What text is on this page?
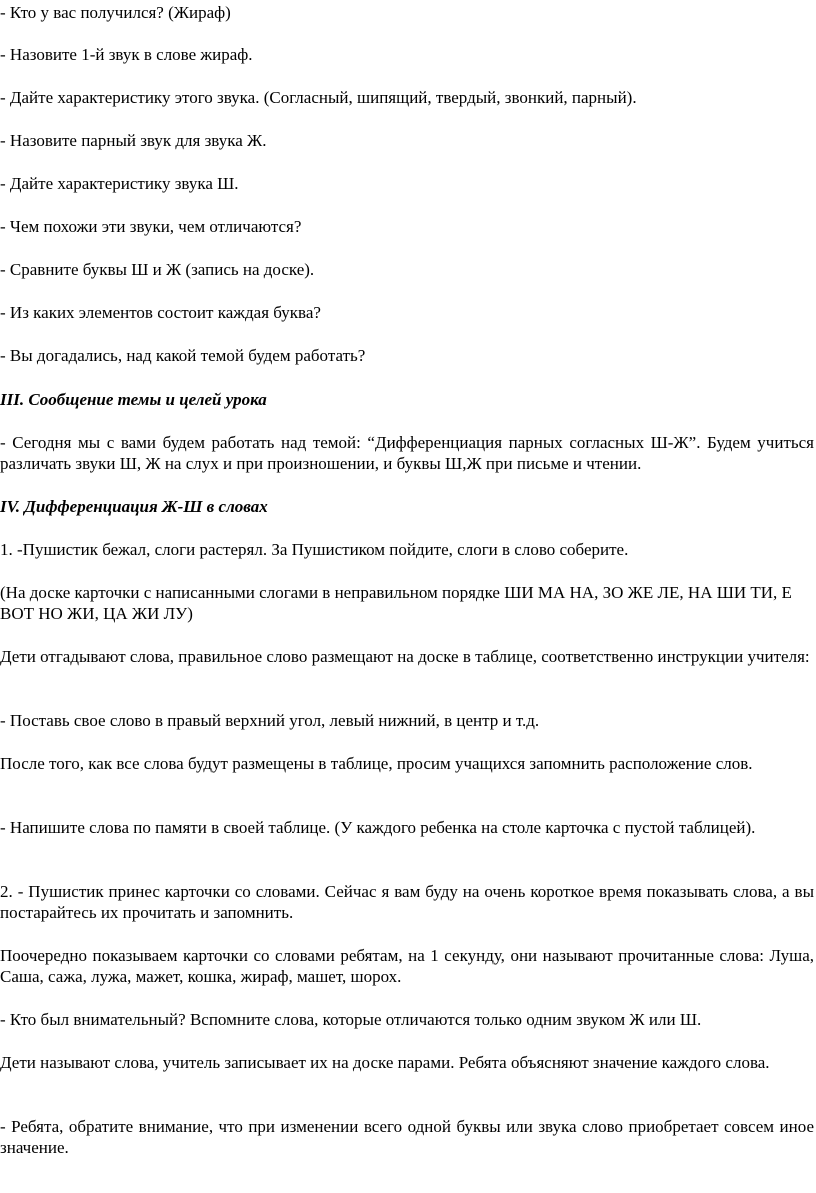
- Кто у вас получился? (Жираф)

- Назовите 1-й звук в слове жираф.

- Дайте характеристику этого звука. (Согласный, шипящий, твердый, звонкий, парный).

- Назовите парный звук для звука Ж.

- Дайте характеристику звука Ш.

- Чем похожи эти звуки, чем отличаются?

- Сравните буквы Ш и Ж (запись на доске).

- Из каких элементов состоит каждая буква?

- Вы догадались, над какой темой будем работать?

III. Сообщение темы и целей урока

- Сегодня мы с вами будем работать над темой: “Дифференциация парных согласных Ш-Ж”. Будем учиться различать звуки Ш, Ж на слух и при произношении, и буквы Ш,Ж при письме и чтении.

IV. Дифференциация Ж-Ш в словах

1. -Пушистик бежал, слоги растерял. За Пушистиком пойдите, слоги в слово соберите.

(На доске карточки с написанными слогами в неправильном порядке ШИ МА НА, ЗО ЖЕ ЛЕ, НА ШИ ТИ, Е ВОТ НО ЖИ, ЦА ЖИ ЛУ)

Дети отгадывают слова, правильное слово размещают на доске в таблице, соответственно инструкции учителя:

- Поставь свое слово в правый верхний угол, левый нижний, в центр и т.д.

После того, как все слова будут размещены в таблице, просим учащихся запомнить расположение слов.

- Напишите слова по памяти в своей таблице. (У каждого ребенка на столе карточка с пустой таблицей).

2. - Пушистик принес карточки со словами. Сейчас я вам буду на очень короткое время показывать слова, а вы постарайтесь их прочитать и запомнить.

Поочередно показываем карточки со словами ребятам, на 1 секунду, они называют прочитанные слова: Луша, Саша, сажа, лужа, мажет, кошка, жираф, машет, шорох.

- Кто был внимательный? Вспомните слова, которые отличаются только одним звуком Ж или Ш.

Дети называют слова, учитель записывает их на доске парами. Ребята объясняют значение каждого слова.

- Ребята, обратите внимание, что при изменении всего одной буквы или звука слово приобретает совсем иное значение.
